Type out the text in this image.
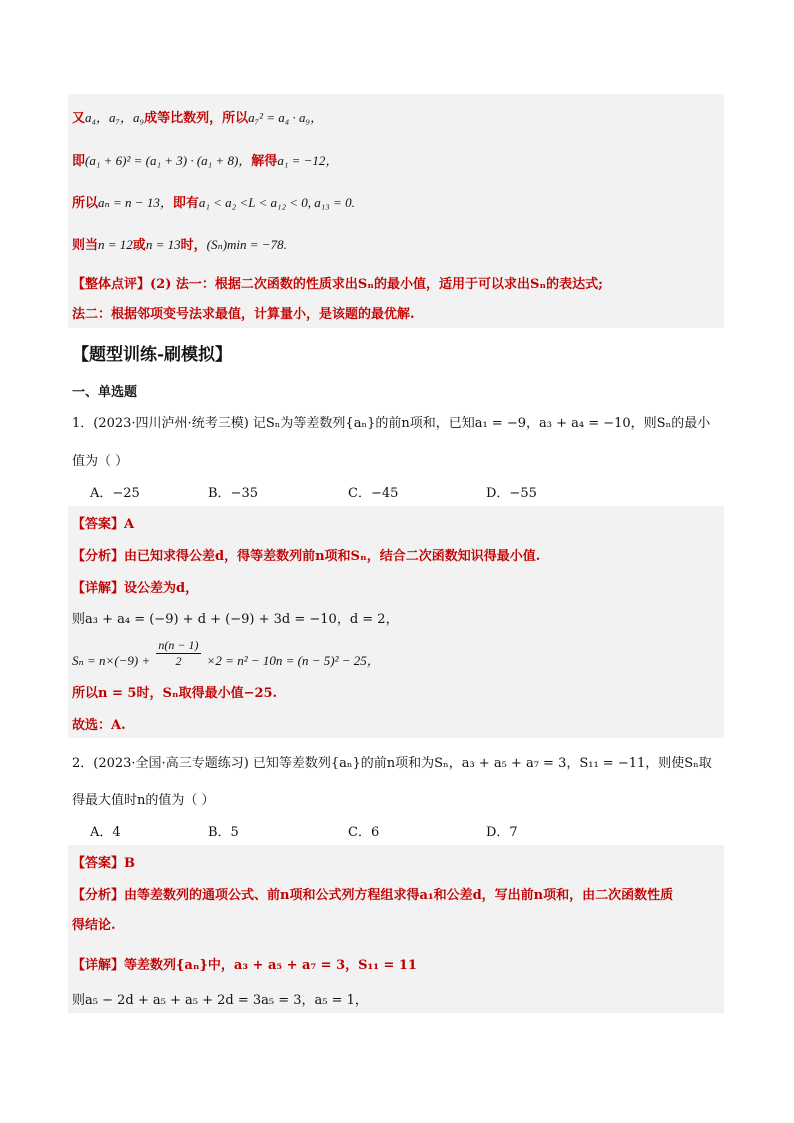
又a₄，a₇，a₉成等比数列，所以a₇² = a₄ · a₉，
即(a₁ + 6)² = (a₁ + 3) · (a₁ + 8)，解得a₁ = −12，
所以aₙ = n − 13，即有a₁ < a₂ <L < a₁₂ < 0, a₁₃ = 0.
则当n = 12或n = 13时，(Sₙ)min = −78.
【整体点评】(2) 法一：根据二次函数的性质求出Sₙ的最小值，适用于可以求出Sₙ的表达式;
法二：根据邻项变号法求最值，计算量小，是该题的最优解.
【题型训练-刷模拟】
一、单选题
1．(2023·四川泸州·统考三模) 记Sₙ为等差数列{aₙ}的前n项和，已知a₁ = −9，a₃ + a₄ = −10，则Sₙ的最小
值为（ ）
A．−25	B．−35	C．−45	D．−55
【答案】A
【分析】由已知求得公差d，得等差数列前n项和Sₙ，结合二次函数知识得最小值.
【详解】设公差为d，
则a₃ + a₄ = (−9) + d + (−9) + 3d = −10，d = 2，
$S_n = n\times(-9) + \frac{n(n - 1)}{2} \times 2 = n^2 - 10n = (n - 5)^2 - 25$，
所以n = 5时，Sₙ取得最小值−25.
故选：A.
2．(2023·全国·高三专题练习) 已知等差数列{aₙ}的前n项和为Sₙ，a₃ + a₅ + a₇ = 3，S₁₁ = −11，则使Sₙ取
得最大值时n的值为（ ）
A．4	B．5	C．6	D．7
【答案】B
【分析】由等差数列的通项公式、前n项和公式列方程组求得a₁和公差d，写出前n项和，由二次函数性质
得结论.
【详解】等差数列{aₙ}中，a₃ + a₅ + a₇ = 3，S₁₁ = 11
则a₅ − 2d + a₅ + a₅ + 2d = 3a₅ = 3，a₅ = 1，
